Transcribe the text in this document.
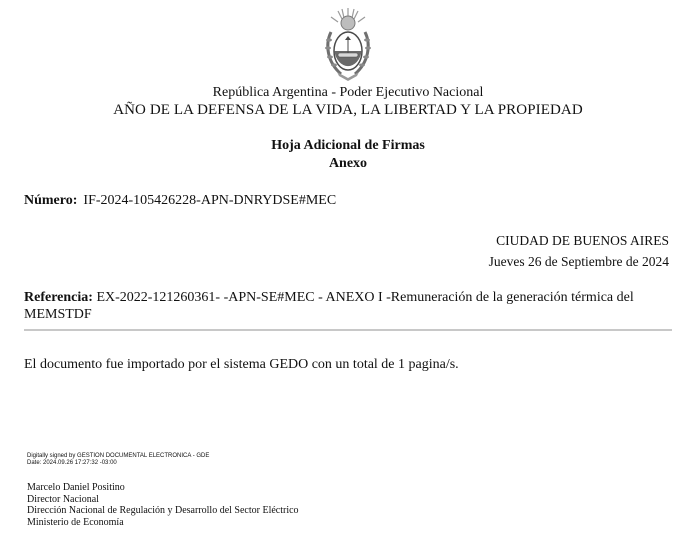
República Argentina - Poder Ejecutivo Nacional
AÑO DE LA DEFENSA DE LA VIDA, LA LIBERTAD Y LA PROPIEDAD
Hoja Adicional de Firmas
Anexo
Número: IF-2024-105426228-APN-DNRYDSE#MEC
CIUDAD DE BUENOS AIRES
Jueves 26 de Septiembre de 2024
Referencia: EX-2022-121260361- -APN-SE#MEC - ANEXO I -Remuneración de la generación térmica del MEMSTDF
El documento fue importado por el sistema GEDO con un total de 1 pagina/s.
Digitally signed by GESTION DOCUMENTAL ELECTRONICA - GDE
Date: 2024.09.26 17:27:32 -03:00
Marcelo Daniel Positino
Director Nacional
Dirección Nacional de Regulación y Desarrollo del Sector Eléctrico
Ministerio de Economía
